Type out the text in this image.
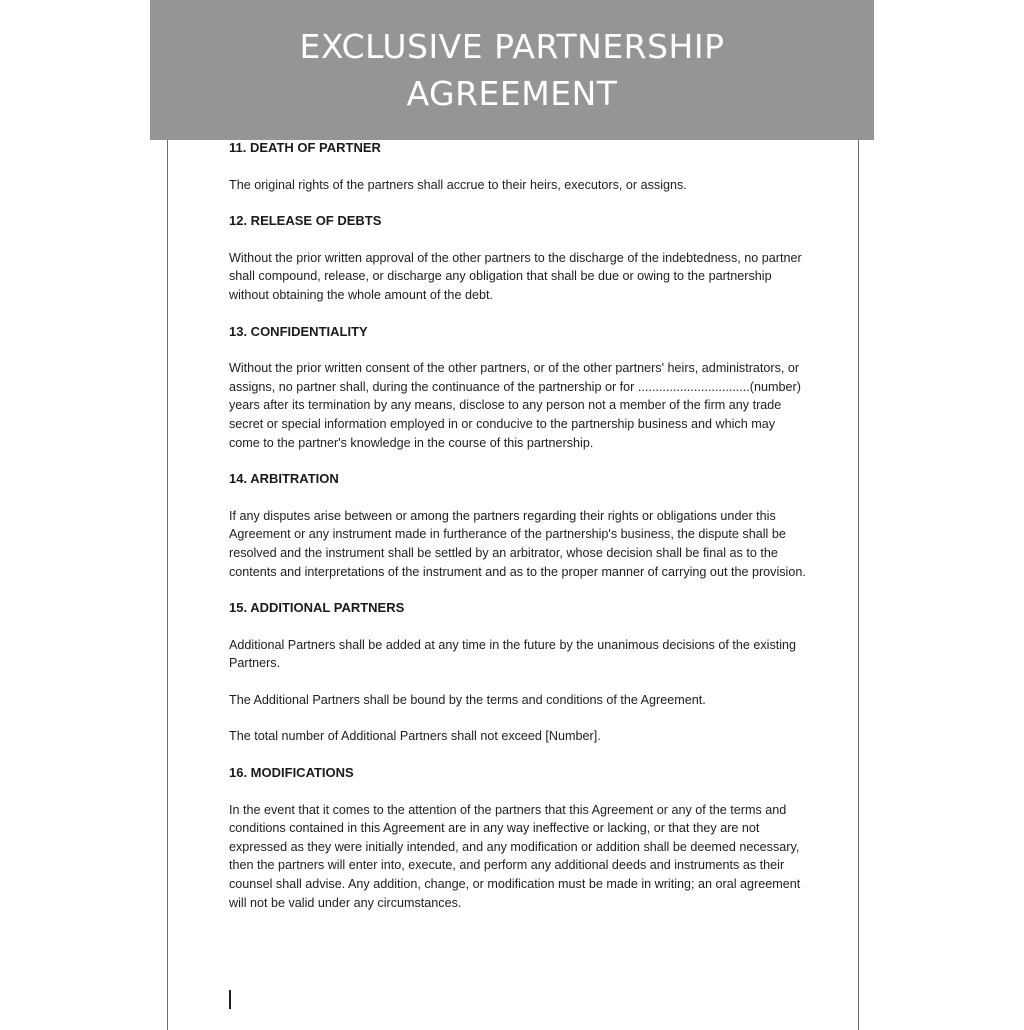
EXCLUSIVE PARTNERSHIP AGREEMENT

11. DEATH OF PARTNER

The original rights of the partners shall accrue to their heirs, executors, or assigns.

12. RELEASE OF DEBTS

Without the prior written approval of the other partners to the discharge of the indebtedness, no partner shall compound, release, or discharge any obligation that shall be due or owing to the partnership without obtaining the whole amount of the debt.

13. CONFIDENTIALITY

Without the prior written consent of the other partners, or of the other partners' heirs, administrators, or assigns, no partner shall, during the continuance of the partnership or for ................................(number) years after its termination by any means, disclose to any person not a member of the firm any trade secret or special information employed in or conducive to the partnership business and which may come to the partner's knowledge in the course of this partnership.

14. ARBITRATION

If any disputes arise between or among the partners regarding their rights or obligations under this Agreement or any instrument made in furtherance of the partnership's business, the dispute shall be resolved and the instrument shall be settled by an arbitrator, whose decision shall be final as to the contents and interpretations of the instrument and as to the proper manner of carrying out the provision.

15. ADDITIONAL PARTNERS

Additional Partners shall be added at any time in the future by the unanimous decisions of the existing Partners.

The Additional Partners shall be bound by the terms and conditions of the Agreement.

The total number of Additional Partners shall not exceed [Number].

16. MODIFICATIONS

In the event that it comes to the attention of the partners that this Agreement or any of the terms and conditions contained in this Agreement are in any way ineffective or lacking, or that they are not expressed as they were initially intended, and any modification or addition shall be deemed necessary, then the partners will enter into, execute, and perform any additional deeds and instruments as their counsel shall advise. Any addition, change, or modification must be made in writing; an oral agreement will not be valid under any circumstances.
